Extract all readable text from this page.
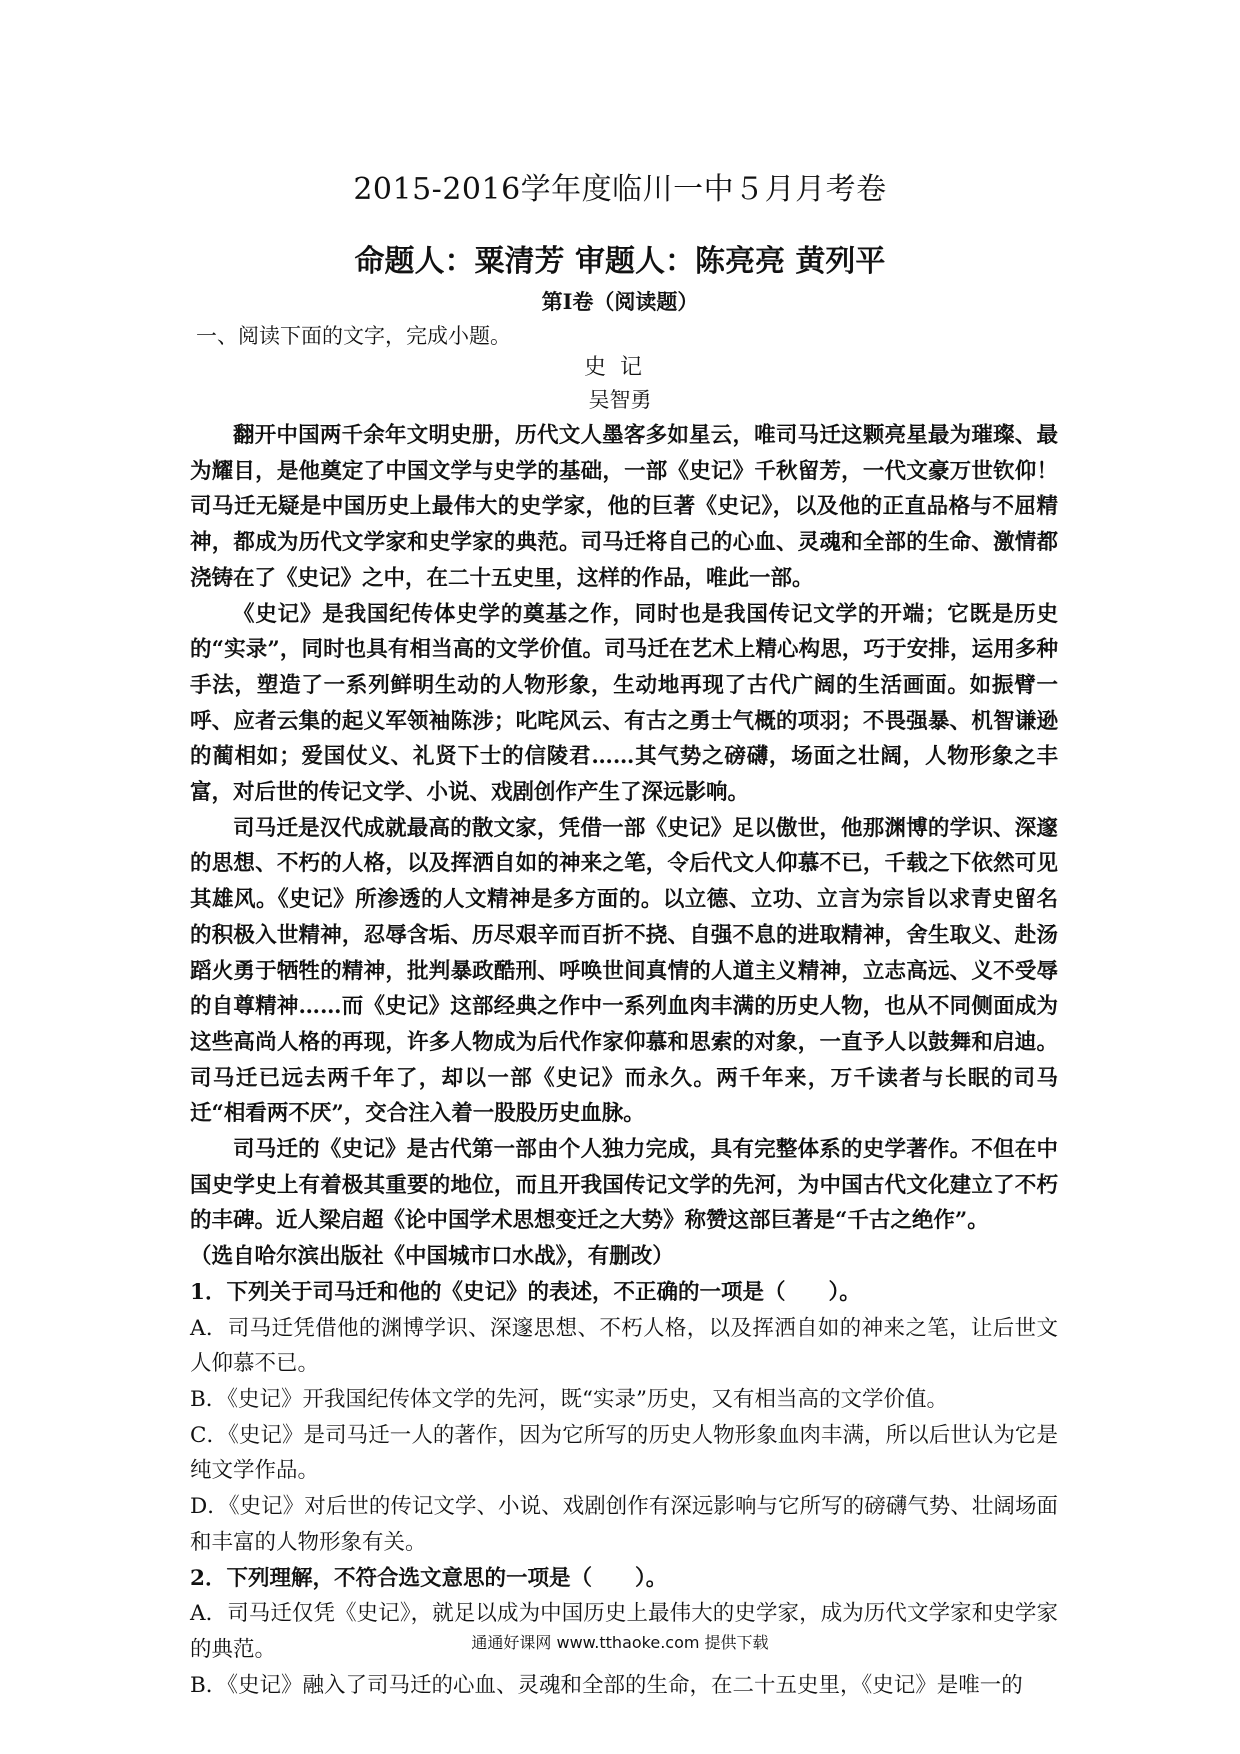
2015-2016学年度临川一中５月月考卷
命题人：粟清芳 审题人：陈亮亮 黄列平
第Ⅰ卷（阅读题）
一、阅读下面的文字，完成小题。
史记
吴智勇

翻开中国两千余年文明史册，历代文人墨客多如星云，唯司马迁这颗亮星最为璀璨、最为耀目，是他奠定了中国文学与史学的基础，一部《史记》千秋留芳，一代文豪万世钦仰！司马迁无疑是中国历史上最伟大的史学家，他的巨著《史记》，以及他的正直品格与不屈精神，都成为历代文学家和史学家的典范。司马迁将自己的心血、灵魂和全部的生命、激情都浇铸在了《史记》之中，在二十五史里，这样的作品，唯此一部。

《史记》是我国纪传体史学的奠基之作，同时也是我国传记文学的开端；它既是历史的“实录”，同时也具有相当高的文学价值。司马迁在艺术上精心构思，巧于安排，运用多种手法，塑造了一系列鲜明生动的人物形象，生动地再现了古代广阔的生活画面。如振臂一呼、应者云集的起义军领袖陈涉；叱咤风云、有古之勇士气概的项羽；不畏强暴、机智谦逊的蔺相如；爱国仗义、礼贤下士的信陵君……其气势之磅礴，场面之壮阔，人物形象之丰富，对后世的传记文学、小说、戏剧创作产生了深远影响。

司马迁是汉代成就最高的散文家，凭借一部《史记》足以傲世，他那渊博的学识、深邃的思想、不朽的人格，以及挥洒自如的神来之笔，令后代文人仰慕不已，千载之下依然可见其雄风。《史记》所渗透的人文精神是多方面的。以立德、立功、立言为宗旨以求青史留名的积极入世精神，忍辱含垢、历尽艰辛而百折不挠、自强不息的进取精神，舍生取义、赴汤蹈火勇于牺牲的精神，批判暴政酷刑、呼唤世间真情的人道主义精神，立志高远、义不受辱的自尊精神……而《史记》这部经典之作中一系列血肉丰满的历史人物，也从不同侧面成为这些高尚人格的再现，许多人物成为后代作家仰慕和思索的对象，一直予人以鼓舞和启迪。司马迁已远去两千年了，却以一部《史记》而永久。两千年来，万千读者与长眠的司马迁“相看两不厌”，交合注入着一股股历史血脉。

司马迁的《史记》是古代第一部由个人独力完成，具有完整体系的史学著作。不但在中国史学史上有着极其重要的地位，而且开我国传记文学的先河，为中国古代文化建立了不朽的丰碑。近人梁启超《论中国学术思想变迁之大势》称赞这部巨著是“千古之绝作”。

（选自哈尔滨出版社《中国城市口水战》，有删改）

1．下列关于司马迁和他的《史记》的表述，不正确的一项是（　　）。

A．司马迁凭借他的渊博学识、深邃思想、不朽人格，以及挥洒自如的神来之笔，让后世文人仰慕不已。

B．《史记》开我国纪传体文学的先河，既“实录”历史，又有相当高的文学价值。

C．《史记》是司马迁一人的著作，因为它所写的历史人物形象血肉丰满，所以后世认为它是纯文学作品。

D．《史记》对后世的传记文学、小说、戏剧创作有深远影响与它所写的磅礴气势、壮阔场面和丰富的人物形象有关。

2．下列理解，不符合选文意思的一项是（　　）。

A．司马迁仅凭《史记》，就足以成为中国历史上最伟大的史学家，成为历代文学家和史学家的典范。

B．《史记》融入了司马迁的心血、灵魂和全部的生命，在二十五史里，《史记》是唯一的

通通好课网 www.tthaoke.com 提供下载
